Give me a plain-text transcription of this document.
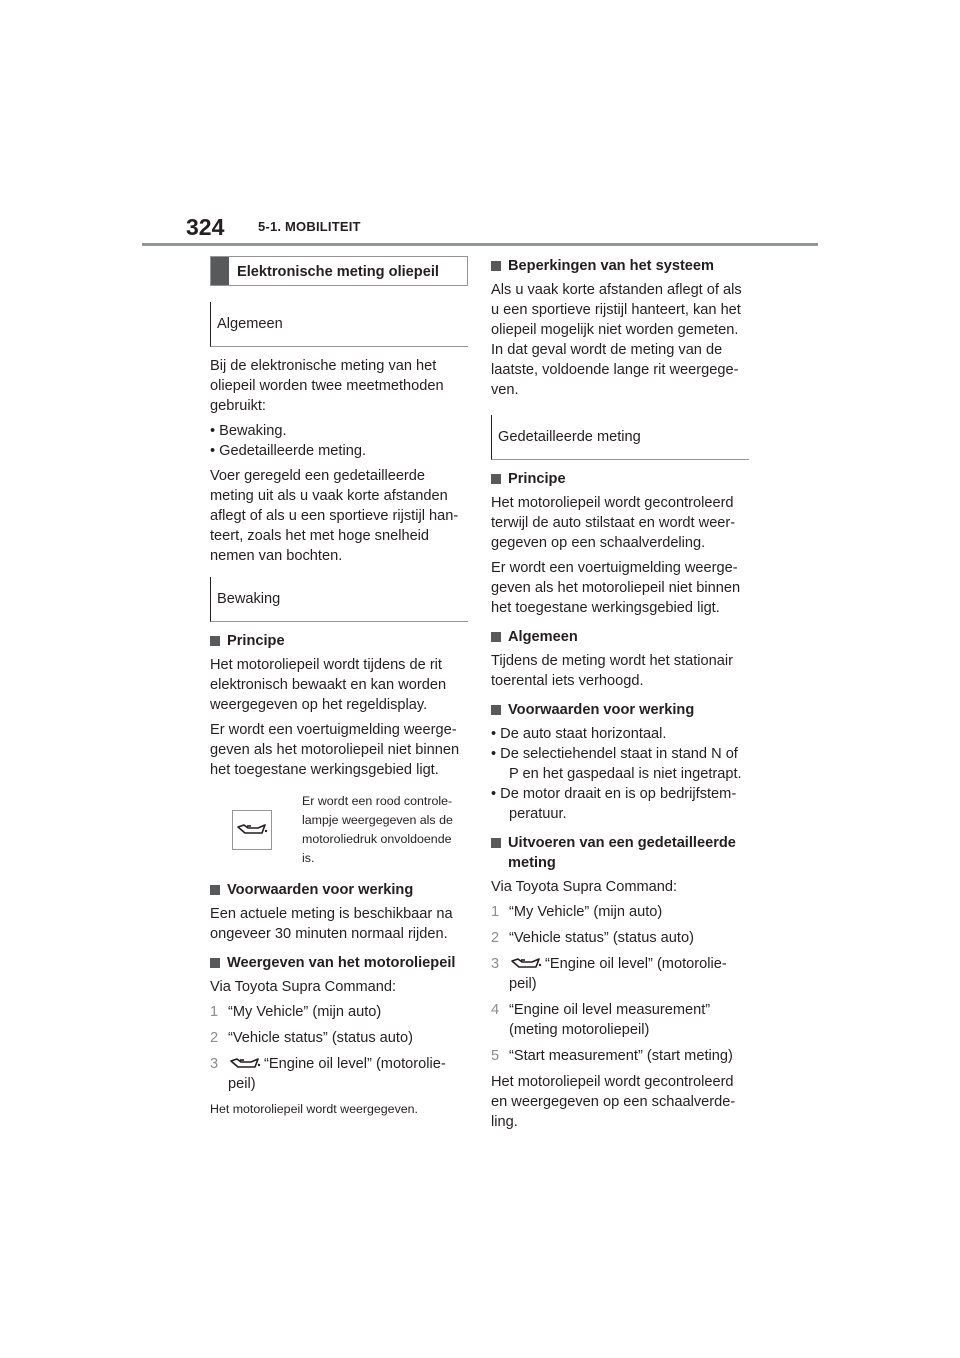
324	5-1. MOBILITEIT
Elektronische meting oliepeil
Algemeen

Bij de elektronische meting van het oliepeil worden twee meetmethoden gebruikt:

• Bewaking.

• Gedetailleerde meting.

Voer geregeld een gedetailleerde meting uit als u vaak korte afstanden aflegt of als u een sportieve rijstijl han-teert, zoals het met hoge snelheid nemen van bochten.

Bewaking
Principe

Het motoroliepeil wordt tijdens de rit elektronisch bewaakt en kan worden weergegeven op het regeldisplay.

Er wordt een voertuigmelding weerge-geven als het motoroliepeil niet binnen het toegestane werkingsgebied ligt.

Er wordt een rood controle-lampje weergegeven als de motoroliedruk onvoldoende is.
Voorwaarden voor werking

Een actuele meting is beschikbaar na ongeveer 30 minuten normaal rijden.

Weergeven van het motoroliepeil

Via Toyota Supra Command:

1 “My Vehicle” (mijn auto)
2 “Vehicle status” (status auto)
3	“Engine oil level” (motorolie-peil)

Het motoroliepeil wordt weergegeven.

Beperkingen van het systeem

Als u vaak korte afstanden aflegt of als u een sportieve rijstijl hanteert, kan het oliepeil mogelijk niet worden gemeten. In dat geval wordt de meting van de laatste, voldoende lange rit weergege-ven.

Gedetailleerde meting
Principe

Het motoroliepeil wordt gecontroleerd terwijl de auto stilstaat en wordt weer-gegeven op een schaalverdeling.

Er wordt een voertuigmelding weerge-geven als het motoroliepeil niet binnen het toegestane werkingsgebied ligt.

Algemeen

Tijdens de meting wordt het stationair toerental iets verhoogd.

Voorwaarden voor werking

• De auto staat horizontaal.

• De selectiehendel staat in stand N of P en het gaspedaal is niet ingetrapt.

• De motor draait en is op bedrijfstem-peratuur.

Uitvoeren van een gedetailleerde meting

Via Toyota Supra Command:

1 “My Vehicle” (mijn auto)
2 “Vehicle status” (status auto)
3	“Engine oil level” (motorolie-peil)
4 “Engine oil level measurement” (meting motoroliepeil)
5 “Start measurement” (start meting)

Het motoroliepeil wordt gecontroleerd en weergegeven op een schaalverde-ling.
